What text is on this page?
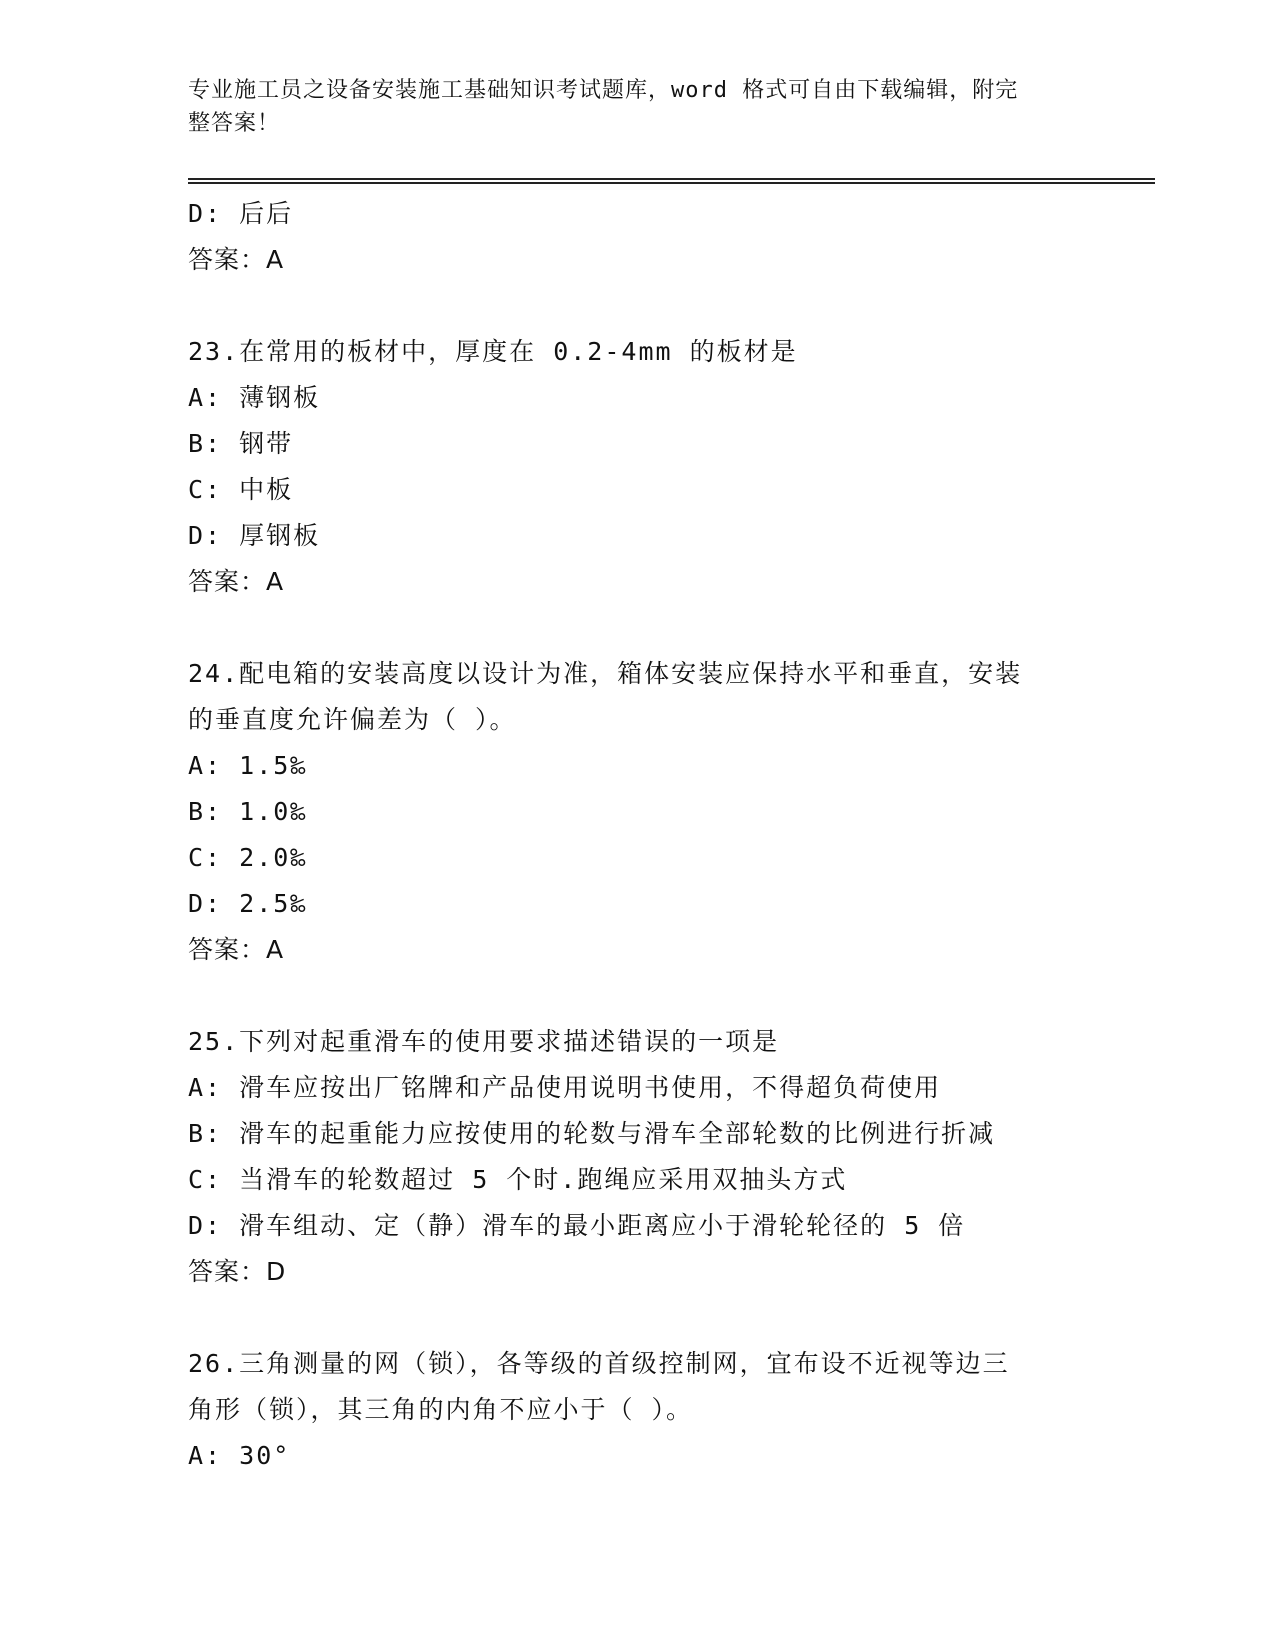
专业施工员之设备安装施工基础知识考试题库，word 格式可自由下载编辑，附完
整答案！
D: 后后
答案：A
23.在常用的板材中，厚度在 0.2-4mm 的板材是
A: 薄钢板
B: 钢带
C: 中板
D: 厚钢板
答案：A
24.配电箱的安装高度以设计为准，箱体安装应保持水平和垂直，安装
的垂直度允许偏差为（ ）。
A: 1.5‰
B: 1.0‰
C: 2.0‰
D: 2.5‰
答案：A
25.下列对起重滑车的使用要求描述错误的一项是
A: 滑车应按出厂铭牌和产品使用说明书使用，不得超负荷使用
B: 滑车的起重能力应按使用的轮数与滑车全部轮数的比例进行折减
C: 当滑车的轮数超过 5 个时.跑绳应采用双抽头方式
D: 滑车组动、定（静）滑车的最小距离应小于滑轮轮径的 5 倍
答案：D
26.三角测量的网（锁），各等级的首级控制网，宜布设不近视等边三
角形（锁），其三角的内角不应小于（ ）。
A: 30°
